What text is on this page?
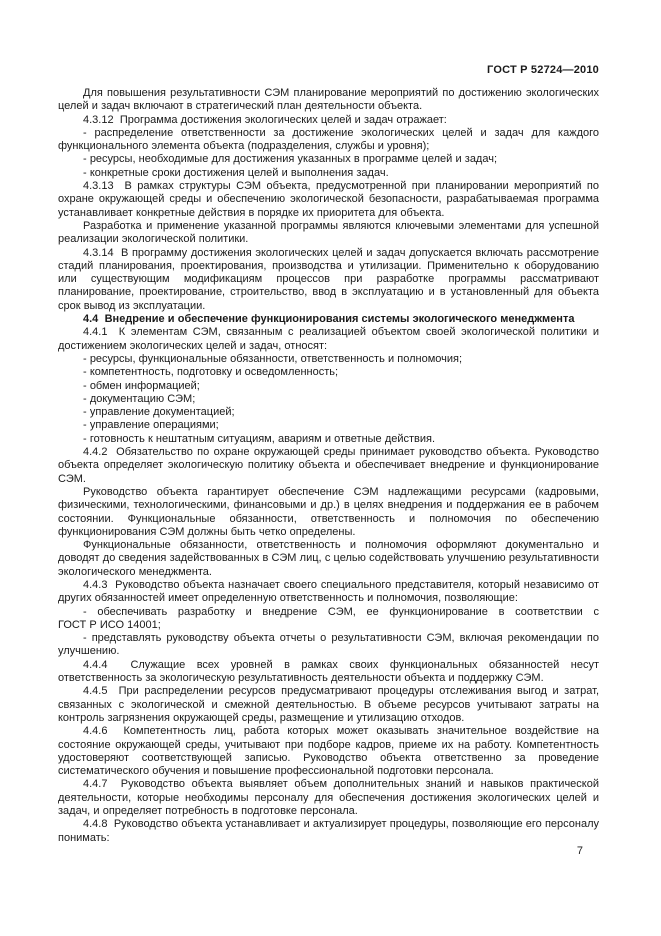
ГОСТ Р 52724—2010

Для повышения результативности СЭМ планирование мероприятий по достижению экологических целей и задач включают в стратегический план деятельности объекта.

4.3.12  Программа достижения экологических целей и задач отражает:

- распределение ответственности за достижение экологических целей и задач для каждого функционального элемента объекта (подразделения, службы и уровня);

- ресурсы, необходимые для достижения указанных в программе целей и задач;

- конкретные сроки достижения целей и выполнения задач.

4.3.13  В рамках структуры СЭМ объекта, предусмотренной при планировании мероприятий по охране окружающей среды и обеспечению экологической безопасности, разрабатываемая программа устанавливает конкретные действия в порядке их приоритета для объекта.

Разработка и применение указанной программы являются ключевыми элементами для успешной реализации экологической политики.

4.3.14  В программу достижения экологических целей и задач допускается включать рассмотрение стадий планирования, проектирования, производства и утилизации. Применительно к оборудованию или существующим модификациям процессов при разработке программы рассматривают планирование, проектирование, строительство, ввод в эксплуатацию и в установленный для объекта срок вывод из эксплуатации.

4.4  Внедрение и обеспечение функционирования системы экологического менеджмента

4.4.1  К элементам СЭМ, связанным с реализацией объектом своей экологической политики и достижением экологических целей и задач, относят:

- ресурсы, функциональные обязанности, ответственность и полномочия;

- компетентность, подготовку и осведомленность;

- обмен информацией;

- документацию СЭМ;

- управление документацией;

- управление операциями;

- готовность к нештатным ситуациям, авариям и ответные действия.

4.4.2  Обязательство по охране окружающей среды принимает руководство объекта. Руководство объекта определяет экологическую политику объекта и обеспечивает внедрение и функционирование СЭМ.

Руководство объекта гарантирует обеспечение СЭМ надлежащими ресурсами (кадровыми, физическими, технологическими, финансовыми и др.) в целях внедрения и поддержания ее в рабочем состоянии. Функциональные обязанности, ответственность и полномочия по обеспечению функционирования СЭМ должны быть четко определены.

Функциональные обязанности, ответственность и полномочия оформляют документально и доводят до сведения задействованных в СЭМ лиц, с целью содействовать улучшению результативности экологического менеджмента.

4.4.3  Руководство объекта назначает своего специального представителя, который независимо от других обязанностей имеет определенную ответственность и полномочия, позволяющие:

- обеспечивать разработку и внедрение СЭМ, ее функционирование в соответствии с ГОСТ Р ИСО 14001;

- представлять руководству объекта отчеты о результативности СЭМ, включая рекомендации по улучшению.

4.4.4  Служащие всех уровней в рамках своих функциональных обязанностей несут ответственность за экологическую результативность деятельности объекта и поддержку СЭМ.

4.4.5  При распределении ресурсов предусматривают процедуры отслеживания выгод и затрат, связанных с экологической и смежной деятельностью. В объеме ресурсов учитывают затраты на контроль загрязнения окружающей среды, размещение и утилизацию отходов.

4.4.6  Компетентность лиц, работа которых может оказывать значительное воздействие на состояние окружающей среды, учитывают при подборе кадров, приеме их на работу. Компетентность удостоверяют соответствующей записью. Руководство объекта ответственно за проведение систематического обучения и повышение профессиональной подготовки персонала.

4.4.7  Руководство объекта выявляет объем дополнительных знаний и навыков практической деятельности, которые необходимы персоналу для обеспечения достижения экологических целей и задач, и определяет потребность в подготовке персонала.

4.4.8  Руководство объекта устанавливает и актуализирует процедуры, позволяющие его персоналу понимать:

7
